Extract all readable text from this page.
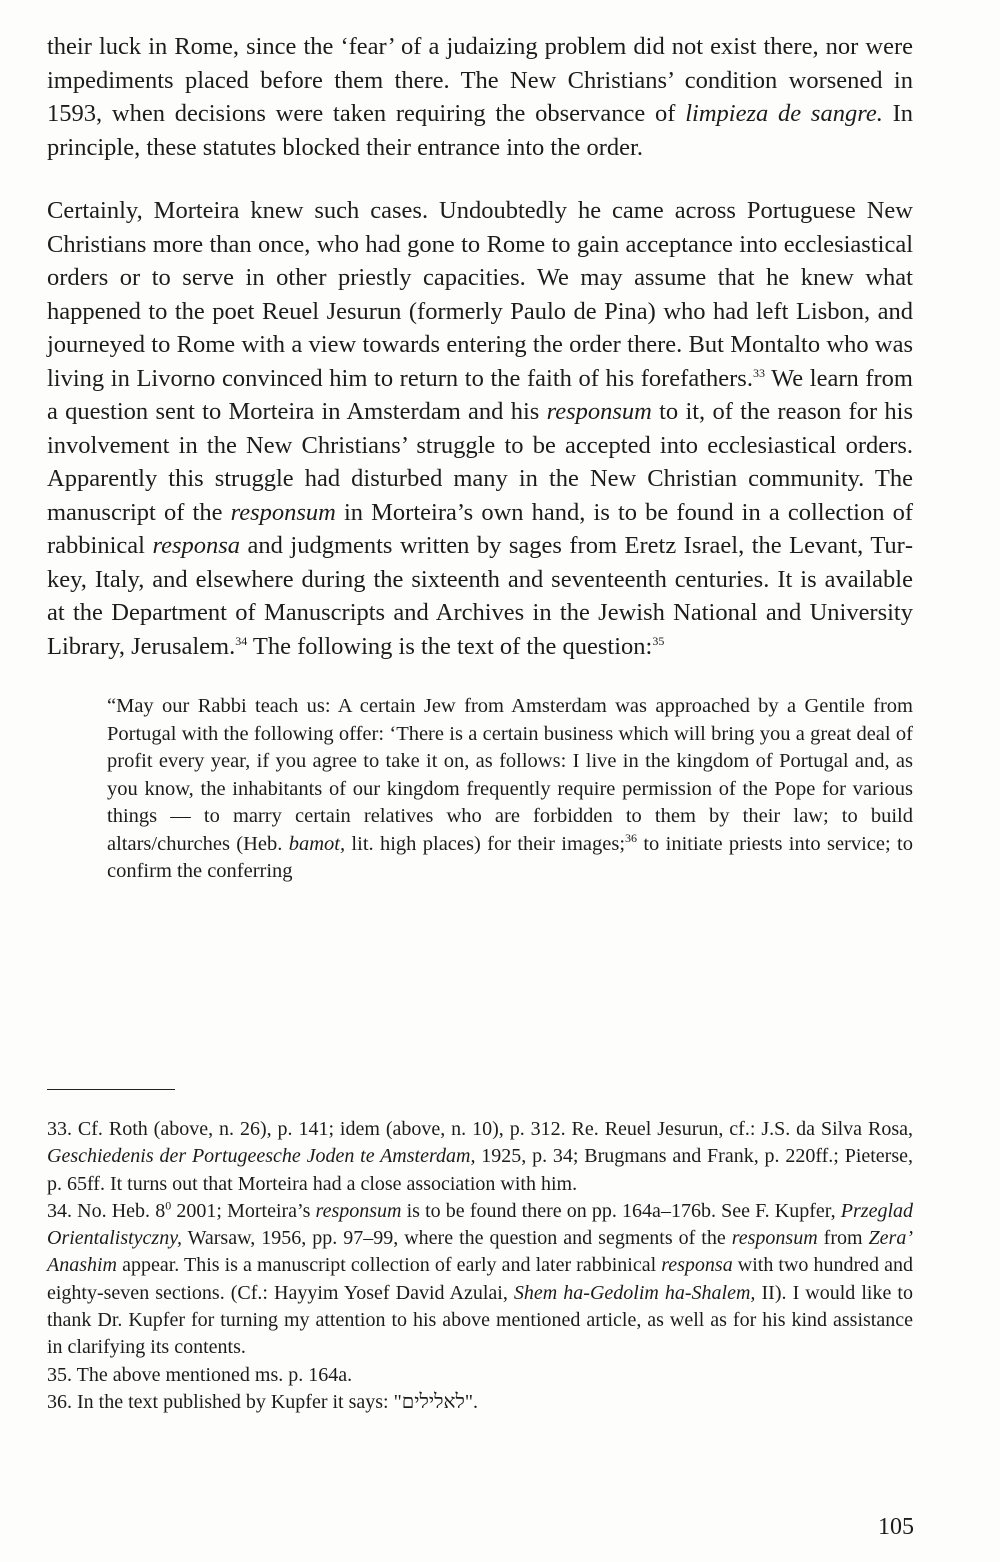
their luck in Rome, since the ‘fear’ of a judaizing problem did not exist there, nor were impediments placed before them there. The New Christians’ condition worsened in 1593, when decisions were taken requiring the observance of limpieza de sangre. In principle, these statutes blocked their entrance into the order.

Certainly, Morteira knew such cases. Undoubtedly he came across Portuguese New Christians more than once, who had gone to Rome to gain acceptance into ecclesiastical orders or to serve in other priestly capacities. We may assume that he knew what happened to the poet Reuel Jesurun (formerly Paulo de Pina) who had left Lisbon, and journeyed to Rome with a view towards entering the order there. But Montalto who was living in Livorno convinced him to return to the faith of his forefathers.$^{33}$ We learn from a question sent to Morteira in Amsterdam and his responsum to it, of the reason for his involvement in the New Christians’ struggle to be accepted into ecclesiastical orders. Apparently this struggle had disturbed many in the New Christian community. The manuscript of the responsum in Morteira’s own hand, is to be found in a collection of rabbinical responsa and judgments written by sages from Eretz Israel, the Levant, Turkey, Italy, and elsewhere during the sixteenth and seventeenth centuries. It is available at the Department of Manuscripts and Archives in the Jewish National and University Library, Jerusalem.$^{34}$ The following is the text of the question:$^{35}$

“May our Rabbi teach us: A certain Jew from Amsterdam was approached by a Gentile from Portugal with the following offer: ‘There is a certain business which will bring you a great deal of profit every year, if you agree to take it on, as follows: I live in the kingdom of Portugal and, as you know, the inhabitants of our kingdom frequently require permission of the Pope for various things — to marry certain relatives who are forbidden to them by their law; to build altars/churches (Heb. bamot, lit. high places) for their images;$^{36}$ to initiate priests into service; to confirm the conferring

33. Cf. Roth (above, n. 26), p. 141; idem (above, n. 10), p. 312. Re. Reuel Jesurun, cf.: J.S. da Silva Rosa, Geschiedenis der Portugeesche Joden te Amsterdam, 1925, p. 34; Brugmans and Frank, p. 220ff.; Pieterse, p. 65ff. It turns out that Morteira had a close association with him.

34. No. Heb. $8^0$ 2001; Morteira’s responsum is to be found there on pp. 164a–176b. See F. Kupfer, Przeglad Orientalistyczny, Warsaw, 1956, pp. 97–99, where the question and segments of the responsum from Zera’ Anashim appear. This is a manuscript collection of early and later rabbinical responsa with two hundred and eighty-seven sections. (Cf.: Hayyim Yosef David Azulai, Shem ha-Gedolim ha-Shalem, II). I would like to thank Dr. Kupfer for turning my attention to his above mentioned article, as well as for his kind assistance in clarifying its contents.

35. The above mentioned ms. p. 164a.

36. In the text published by Kupfer it says: "לאלילים".

105
